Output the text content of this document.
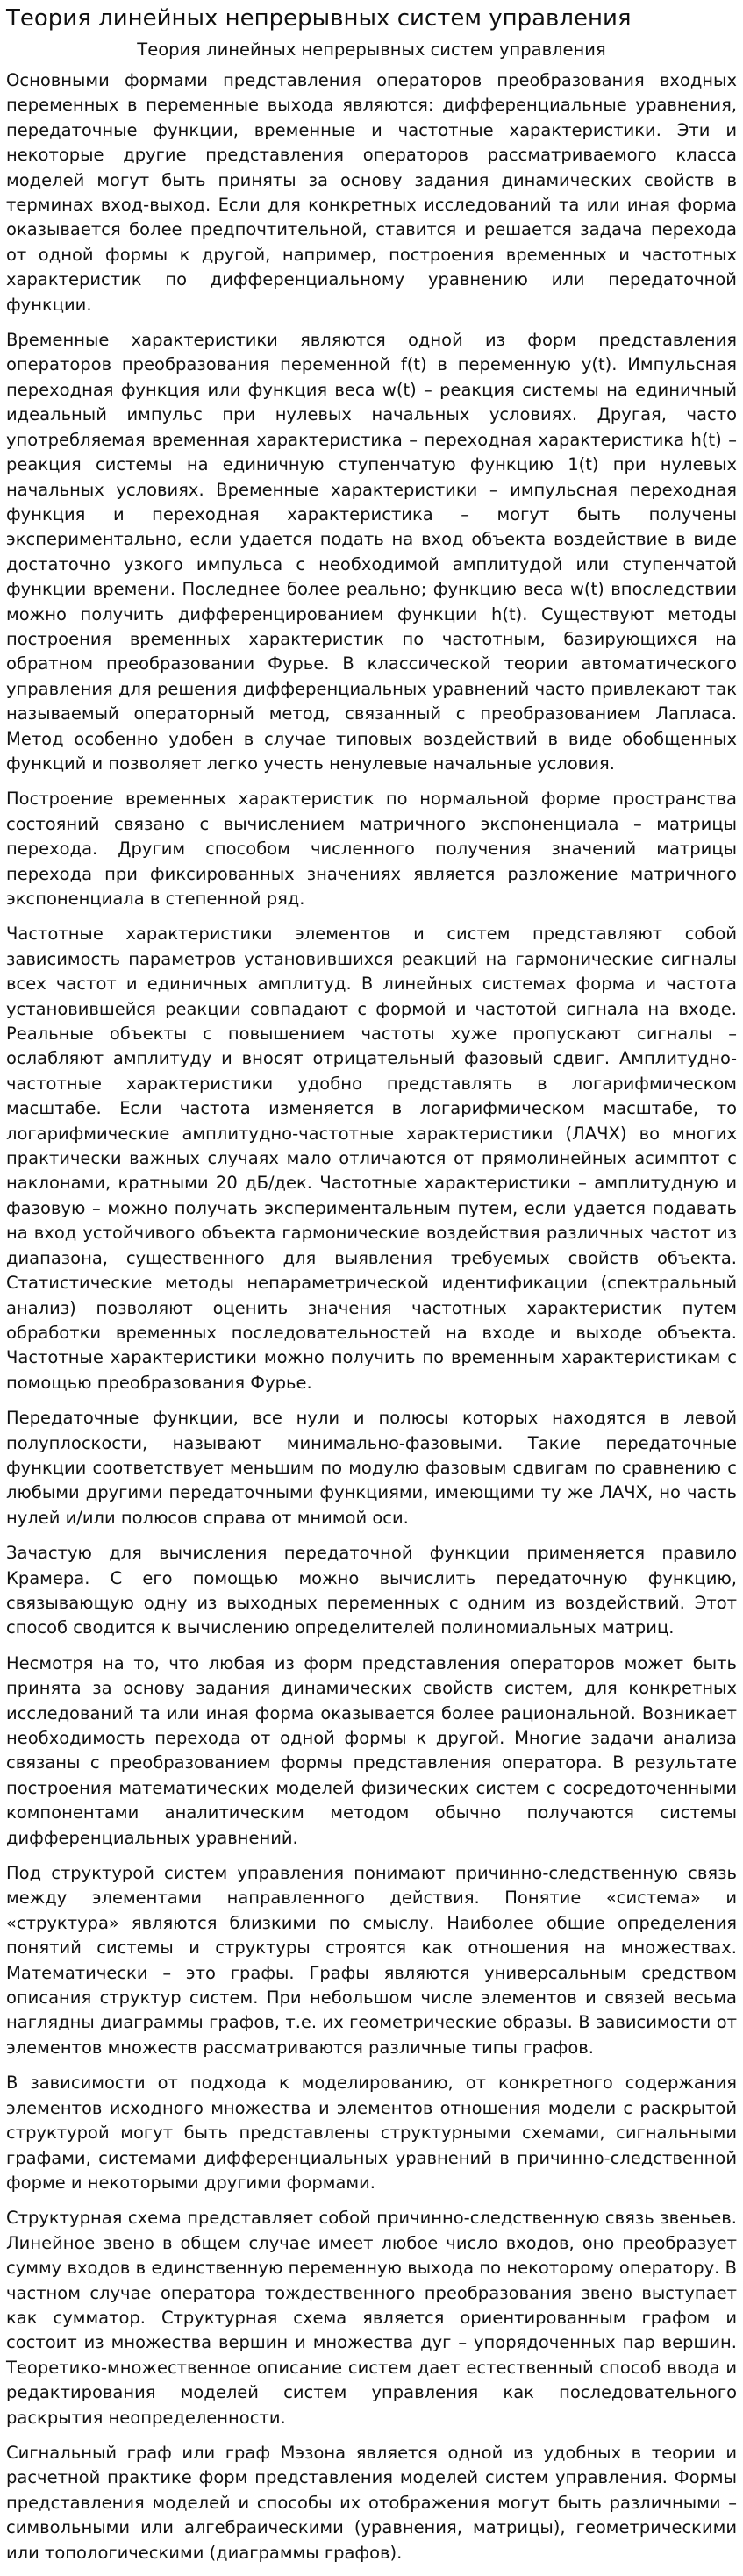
Теория линейных непрерывных систем управления
Теория линейных непрерывных систем управления

Основными формами представления операторов преобразования входных переменных в переменные выхода являются: дифференциальные уравнения, передаточные функции, временные и частотные характеристики. Эти и некоторые другие представления операторов рассматриваемого класса моделей могут быть приняты за основу задания динамических свойств в терминах вход-выход. Если для конкретных исследований та или иная форма оказывается более предпочтительной, ставится и решается задача перехода от одной формы к другой, например, построения временных и частотных характеристик по дифференциальному уравнению или передаточной функции.

Временные характеристики являются одной из форм представления операторов преобразования переменной f(t) в переменную y(t). Импульсная переходная функция или функция веса w(t) – реакция системы на единичный идеальный импульс при нулевых начальных условиях. Другая, часто употребляемая временная характеристика – переходная характеристика h(t) – реакция системы на единичную ступенчатую функцию 1(t) при нулевых начальных условиях. Временные характеристики – импульсная переходная функция и переходная характеристика – могут быть получены экспериментально, если удается подать на вход объекта воздействие в виде достаточно узкого импульса с необходимой амплитудой или ступенчатой функции времени. Последнее более реально; функцию веса w(t) впоследствии можно получить дифференцированием функции h(t). Существуют методы построения временных характеристик по частотным, базирующихся на обратном преобразовании Фурье. В классической теории автоматического управления для решения дифференциальных уравнений часто привлекают так называемый операторный метод, связанный с преобразованием Лапласа. Метод особенно удобен в случае типовых воздействий в виде обобщенных функций и позволяет легко учесть ненулевые начальные условия.

Построение временных характеристик по нормальной форме пространства состояний связано с вычислением матричного экспоненциала – матрицы перехода. Другим способом численного получения значений матрицы перехода при фиксированных значениях является разложение матричного экспоненциала в степенной ряд.

Частотные характеристики элементов и систем представляют собой зависимость параметров установившихся реакций на гармонические сигналы всех частот и единичных амплитуд. В линейных системах форма и частота установившейся реакции совпадают с формой и частотой сигнала на входе. Реальные объекты с повышением частоты хуже пропускают сигналы – ослабляют амплитуду и вносят отрицательный фазовый сдвиг. Амплитудно-частотные характеристики удобно представлять в логарифмическом масштабе. Если частота изменяется в логарифмическом масштабе, то логарифмические амплитудно-частотные характеристики (ЛАЧХ) во многих практически важных случаях мало отличаются от прямолинейных асимптот с наклонами, кратными 20 дБ/дек. Частотные характеристики – амплитудную и фазовую – можно получать экспериментальным путем, если удается подавать на вход устойчивого объекта гармонические воздействия различных частот из диапазона, существенного для выявления требуемых свойств объекта. Статистические методы непараметрической идентификации (спектральный анализ) позволяют оценить значения частотных характеристик путем обработки временных последовательностей на входе и выходе объекта. Частотные характеристики можно получить по временным характеристикам с помощью преобразования Фурье.

Передаточные функции, все нули и полюсы которых находятся в левой полуплоскости, называют минимально-фазовыми. Такие передаточные функции соответствует меньшим по модулю фазовым сдвигам по сравнению с любыми другими передаточными функциями, имеющими ту же ЛАЧХ, но часть нулей и/или полюсов справа от мнимой оси.

Зачастую для вычисления передаточной функции применяется правило Крамера. С его помощью можно вычислить передаточную функцию, связывающую одну из выходных переменных с одним из воздействий. Этот способ сводится к вычислению определителей полиномиальных матриц.

Несмотря на то, что любая из форм представления операторов может быть принята за основу задания динамических свойств систем, для конкретных исследований та или иная форма оказывается более рациональной. Возникает необходимость перехода от одной формы к другой. Многие задачи анализа связаны с преобразованием формы представления оператора. В результате построения математических моделей физических систем с сосредоточенными компонентами аналитическим методом обычно получаются системы дифференциальных уравнений.

Под структурой систем управления понимают причинно-следственную связь между элементами направленного действия. Понятие «система» и «структура» являются близкими по смыслу. Наиболее общие определения понятий системы и структуры строятся как отношения на множествах. Математически – это графы. Графы являются универсальным средством описания структур систем. При небольшом числе элементов и связей весьма наглядны диаграммы графов, т.е. их геометрические образы. В зависимости от элементов множеств рассматриваются различные типы графов.

В зависимости от подхода к моделированию, от конкретного содержания элементов исходного множества и элементов отношения модели с раскрытой структурой могут быть представлены структурными схемами, сигнальными графами, системами дифференциальных уравнений в причинно-следственной форме и некоторыми другими формами.

Структурная схема представляет собой причинно-следственную связь звеньев. Линейное звено в общем случае имеет любое число входов, оно преобразует сумму входов в единственную переменную выхода по некоторому оператору. В частном случае оператора тождественного преобразования звено выступает как сумматор. Структурная схема является ориентированным графом и состоит из множества вершин и множества дуг – упорядоченных пар вершин. Теоретико-множественное описание систем дает естественный способ ввода и редактирования моделей систем управления как последовательного раскрытия неопределенности.

Сигнальный граф или граф Мэзона является одной из удобных в теории и расчетной практике форм представления моделей систем управления. Формы представления моделей и способы их отображения могут быть различными – символьными или алгебраическими (уравнения, матрицы), геометрическими или топологическими (диаграммы графов).
